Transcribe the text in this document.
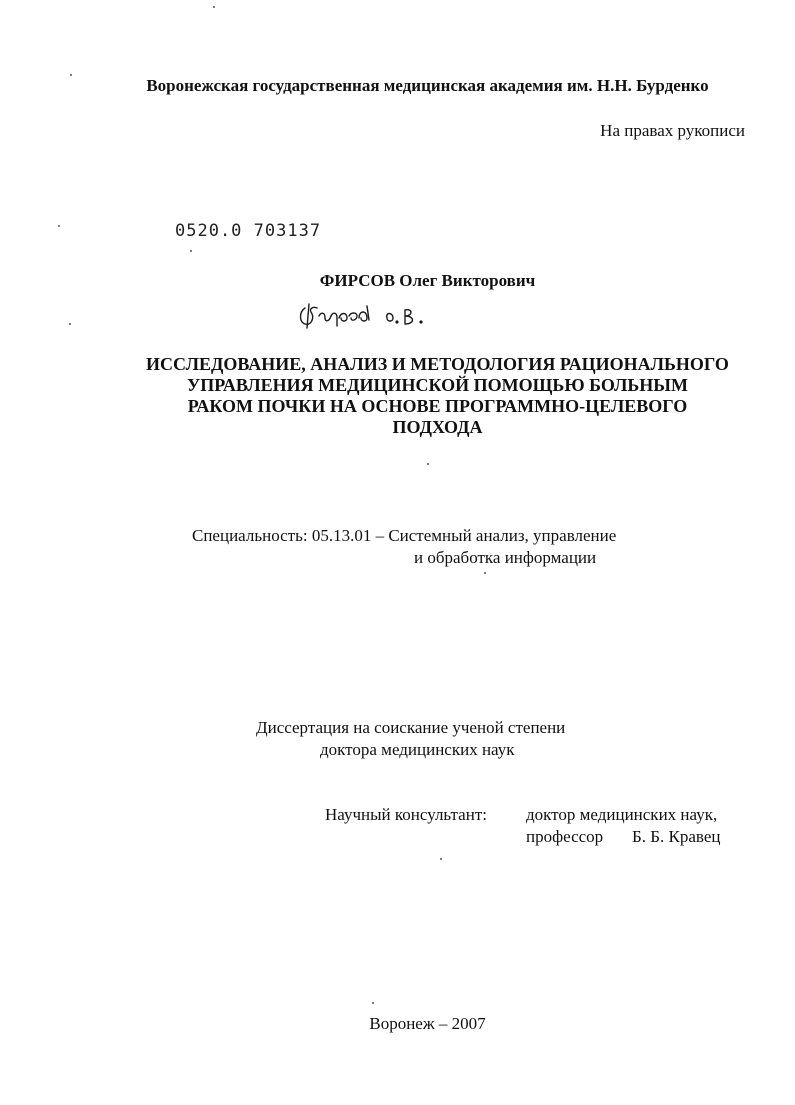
Воронежская государственная медицинская академия им. Н.Н. Бурденко
На правах рукописи
0520.0 703137
ФИРСОВ Олег Викторович
ИССЛЕДОВАНИЕ, АНАЛИЗ И МЕТОДОЛОГИЯ РАЦИОНАЛЬНОГО
УПРАВЛЕНИЯ МЕДИЦИНСКОЙ ПОМОЩЬЮ БОЛЬНЫМ
РАКОМ ПОЧКИ НА ОСНОВЕ ПРОГРАММНО-ЦЕЛЕВОГО
ПОДХОДА
Специальность: 05.13.01 – Системный анализ, управление
и обработка информации
Диссертация на соискание ученой степени
доктора медицинских наук
Научный консультант: доктор медицинских наук,
профессор Б. Б. Кравец
Воронеж – 2007
